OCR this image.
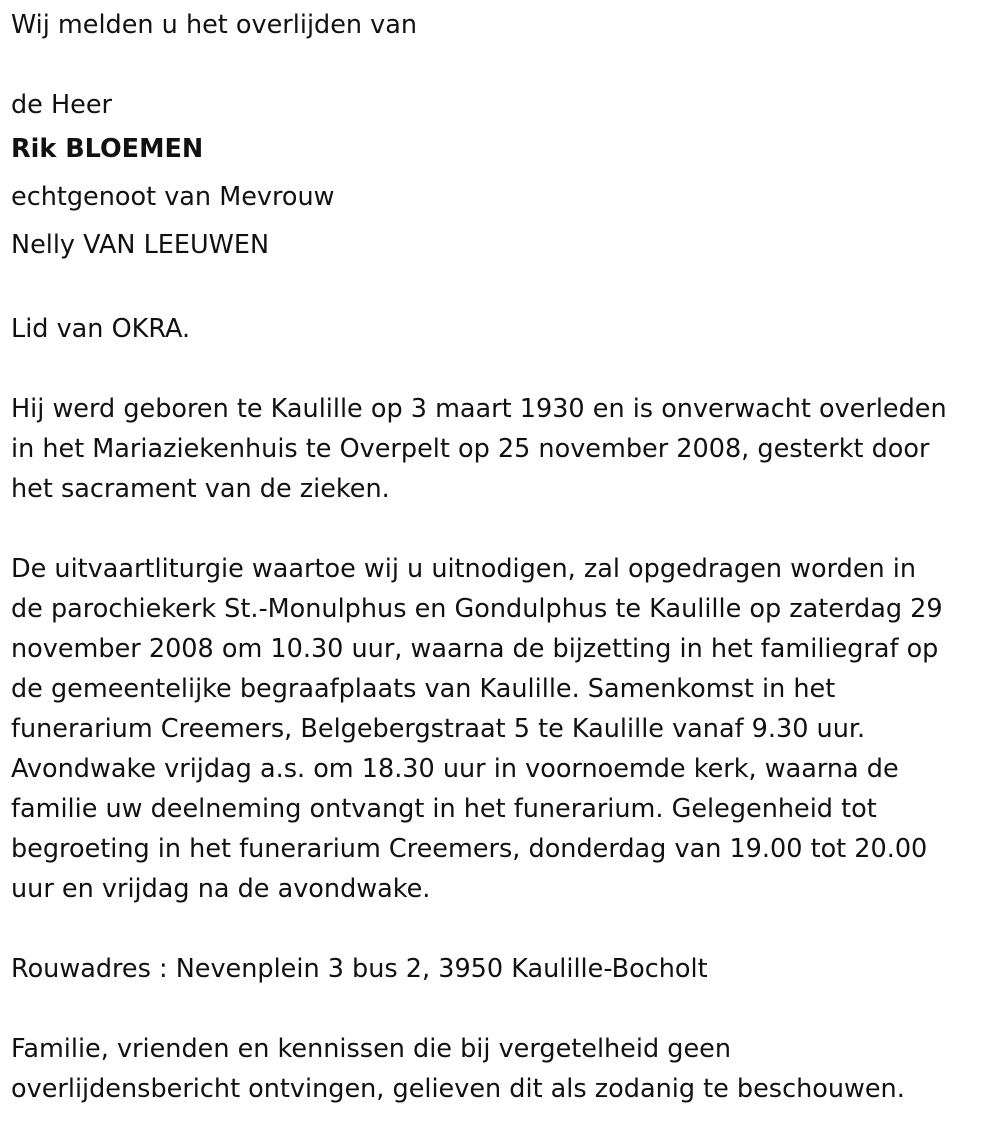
Wij melden u het overlijden van

de Heer

Rik BLOEMEN

echtgenoot van Mevrouw

Nelly VAN LEEUWEN

Lid van OKRA.

Hij werd geboren te Kaulille op 3 maart 1930 en is onverwacht overleden

in het Mariaziekenhuis te Overpelt op 25 november 2008, gesterkt door

het sacrament van de zieken.

De uitvaartliturgie waartoe wij u uitnodigen, zal opgedragen worden in

de parochiekerk St.-Monulphus en Gondulphus te Kaulille op zaterdag 29

november 2008 om 10.30 uur, waarna de bijzetting in het familiegraf op

de gemeentelijke begraafplaats van Kaulille. Samenkomst in het

funerarium Creemers, Belgebergstraat 5 te Kaulille vanaf 9.30 uur.

Avondwake vrijdag a.s. om 18.30 uur in voornoemde kerk, waarna de

familie uw deelneming ontvangt in het funerarium. Gelegenheid tot

begroeting in het funerarium Creemers, donderdag van 19.00 tot 20.00

uur en vrijdag na de avondwake.

Rouwadres : Nevenplein 3 bus 2, 3950 Kaulille-Bocholt

Familie, vrienden en kennissen die bij vergetelheid geen

overlijdensbericht ontvingen, gelieven dit als zodanig te beschouwen.
